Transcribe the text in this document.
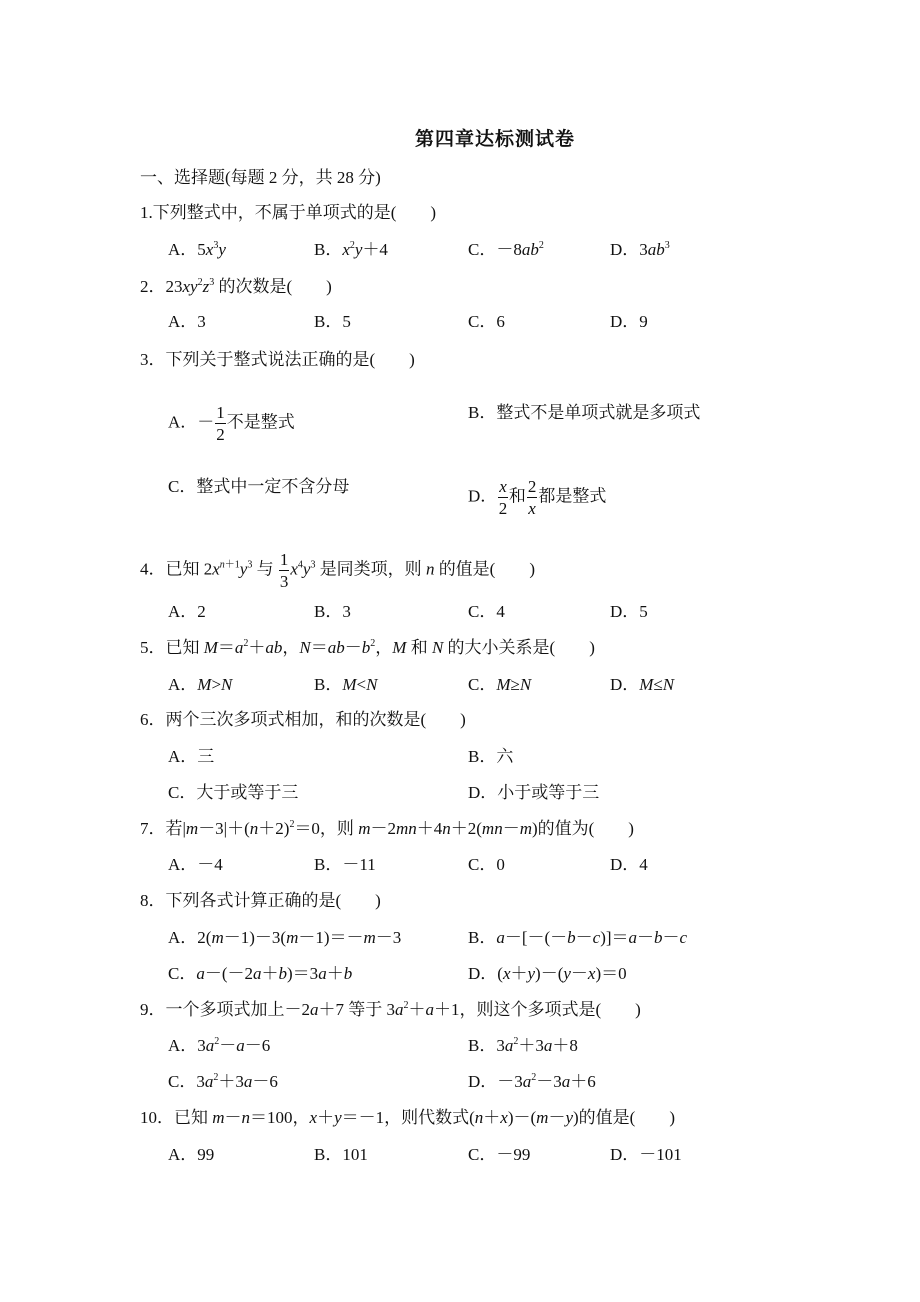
第四章达标测试卷
一、选择题(每题 2 分，共 28 分)
1.下列整式中，不属于单项式的是(　　)
A．$5x^3y$	B．$x^2y+4$	C．$-8ab^2$	D．$3ab^3$
2．$23xy^2z^3$ 的次数是(　　)
A．3	B．5	C．6	D．9
3．下列关于整式说法正确的是(　　)
A．－ $\frac{1}{2}$ 不是整式	B．整式不是单项式就是多项式
C．整式中一定不含分母	D． $\frac{x}{2}$ 和 $\frac{2}{x}$ 都是整式
4．已知 $2x^{n+1}y^3$ 与 $\frac{1}{3} x^4y^3$ 是同类项，则 n 的值是(　　)
A．2	B．3	C．4	D．5
5．已知 $M=a^2+ab$，$N=ab-b^2$，M 和 N 的大小关系是(　　)
A．M>N	B．M<N	C．M≥N	D．M≤N
6．两个三次多项式相加，和的次数是(　　)
A．三	B．六
C．大于或等于三	D．小于或等于三
7．若$|m-3|+(n+2)^2=0$，则 m－2mn＋4n＋2(mn－m)的值为(　　)
A．－4	B．－11	C．0	D．4
8．下列各式计算正确的是(　　)
A．2(m－1)－3(m－1)＝－m－3	B．a－[－(－b－c)]＝a－b－c
C．a－(－2a＋b)＝3a＋b	D．(x＋y)－(y－x)＝0
9．一个多项式加上－2a＋7 等于 $3a^2+a+1$，则这个多项式是(　　)
A．$3a^2-a-6$	B．$3a^2+3a+8$
C．$3a^2+3a-6$	D．$-3a^2-3a+6$
10．已知 m－n＝100，x＋y＝－1，则代数式(n＋x)－(m－y)的值是(　　)
A．99	B．101	C．－99	D．－101
